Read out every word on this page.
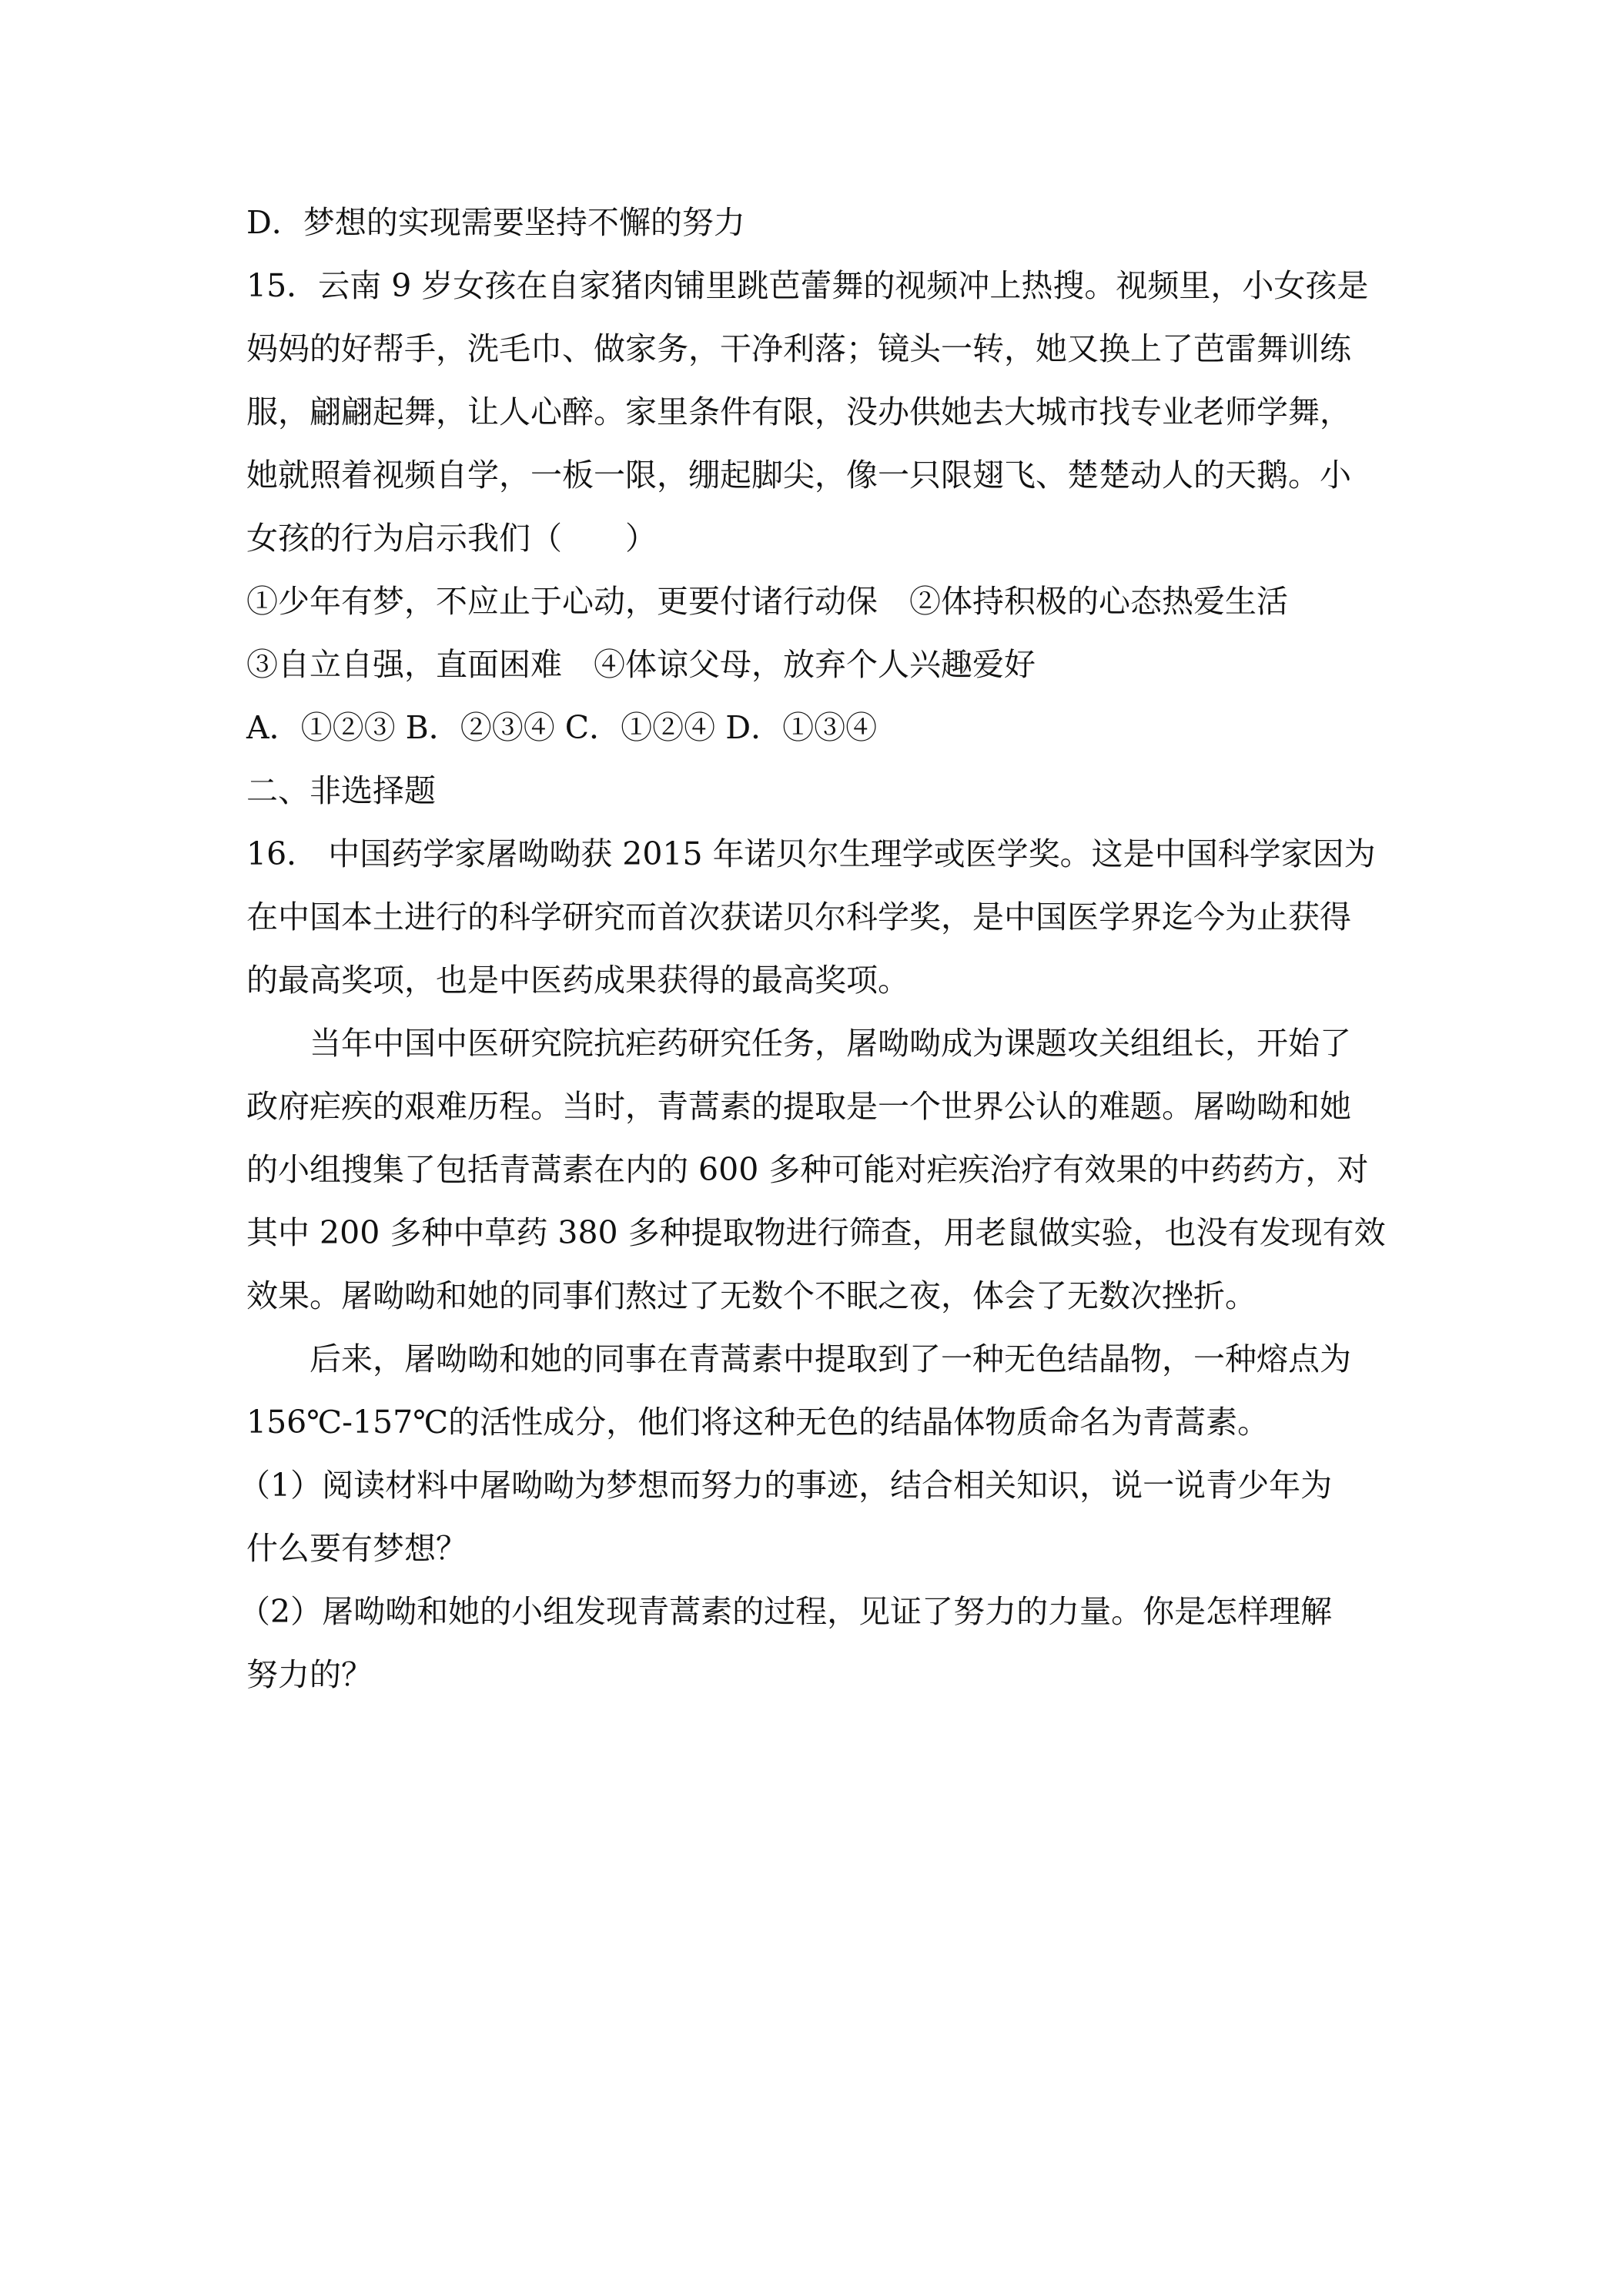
D．梦想的实现需要坚持不懈的努力

15．云南 9 岁女孩在自家猪肉铺里跳芭蕾舞的视频冲上热搜。视频里，小女孩是

妈妈的好帮手，洗毛巾、做家务，干净利落；镜头一转，她又换上了芭雷舞训练

服，翩翩起舞，让人心醉。家里条件有限，没办供她去大城市找专业老师学舞，

她就照着视频自学，一板一限，绷起脚尖，像一只限翅飞、楚楚动人的天鹅。小

女孩的行为启示我们（　　）

①少年有梦，不应止于心动，更要付诸行动保　②体持积极的心态热爱生活

③自立自强，直面困难　④体谅父母，放弃个人兴趣爱好

A．①②③ B．②③④ C．①②④ D．①③④

二、非选择题

16． 中国药学家屠呦呦获 2015 年诺贝尔生理学或医学奖。这是中国科学家因为

在中国本土进行的科学研究而首次获诺贝尔科学奖，是中国医学界迄今为止获得

的最高奖项，也是中医药成果获得的最高奖项。

当年中国中医研究院抗疟药研究任务，屠呦呦成为课题攻关组组长，开始了

政府疟疾的艰难历程。当时，青蒿素的提取是一个世界公认的难题。屠呦呦和她

的小组搜集了包括青蒿素在内的 600 多种可能对疟疾治疗有效果的中药药方，对

其中 200 多种中草药 380 多种提取物进行筛查，用老鼠做实验，也没有发现有效

效果。屠呦呦和她的同事们熬过了无数个不眠之夜，体会了无数次挫折。

后来，屠呦呦和她的同事在青蒿素中提取到了一种无色结晶物，一种熔点为

156℃-157℃的活性成分，他们将这种无色的结晶体物质命名为青蒿素。

（1）阅读材料中屠呦呦为梦想而努力的事迹，结合相关知识，说一说青少年为

什么要有梦想？

（2）屠呦呦和她的小组发现青蒿素的过程，见证了努力的力量。你是怎样理解

努力的？
